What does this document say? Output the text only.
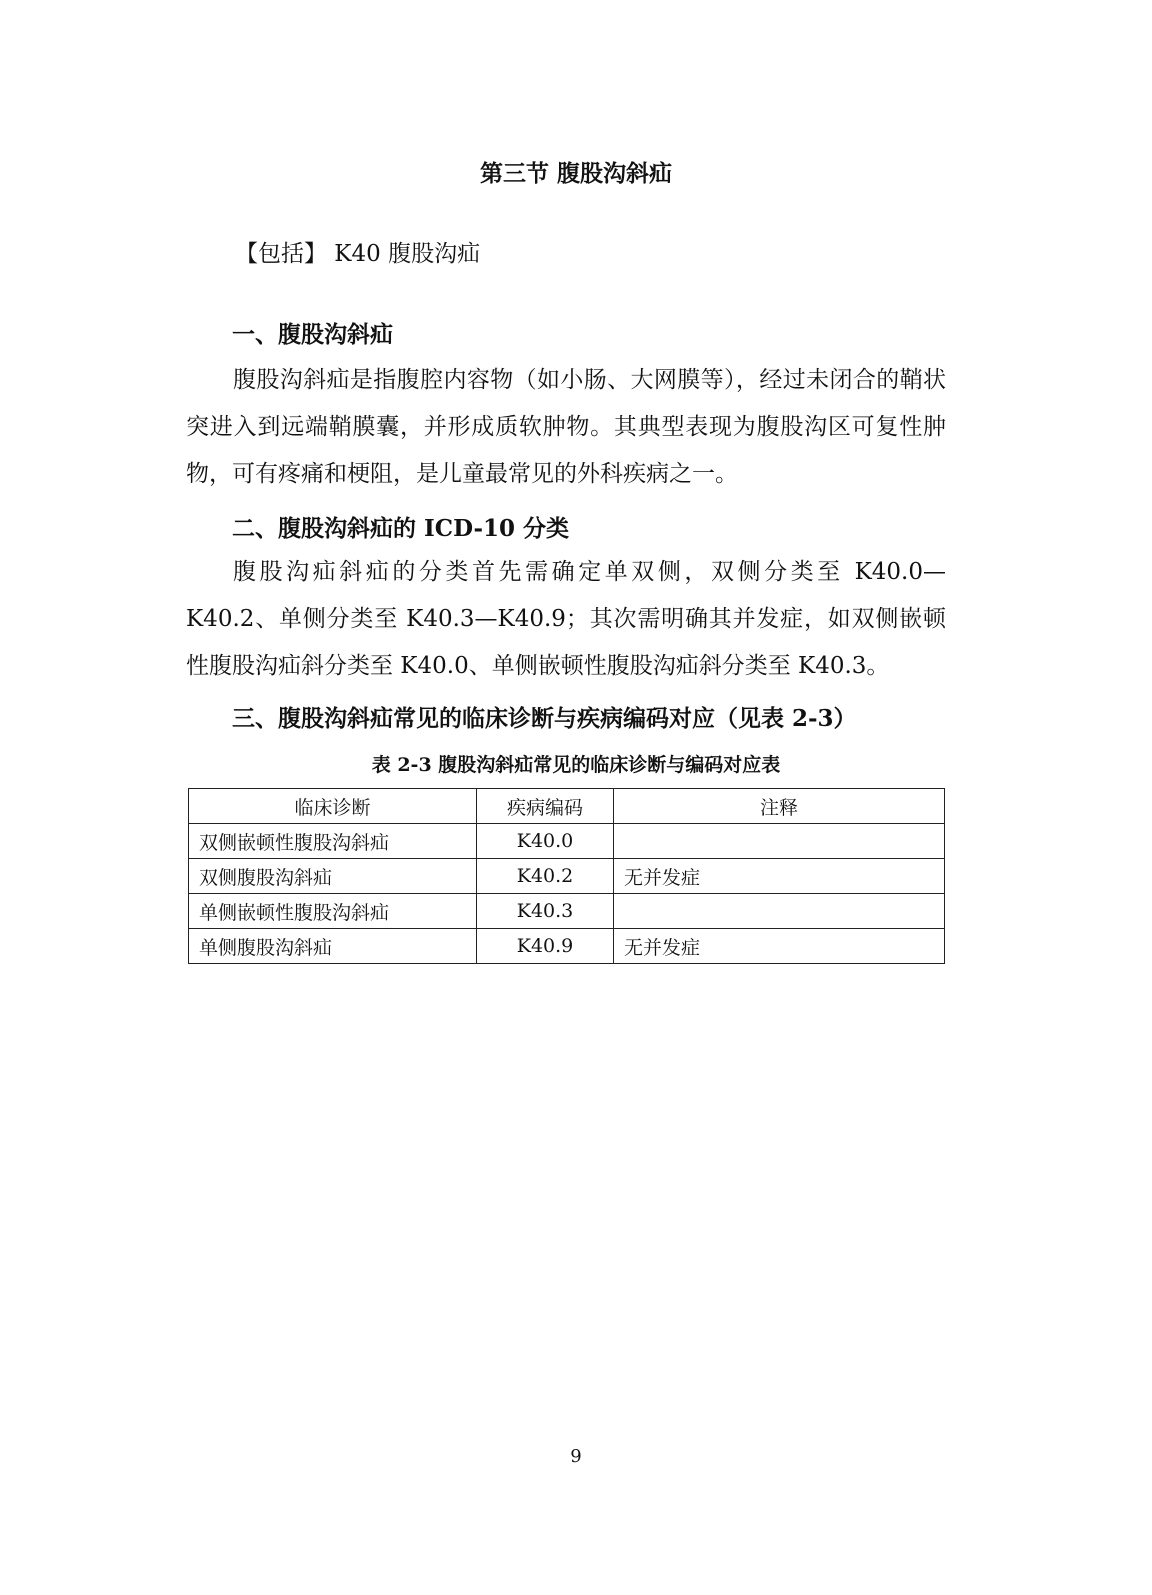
第三节 腹股沟斜疝
【包括】 K40 腹股沟疝
一、腹股沟斜疝

腹股沟斜疝是指腹腔内容物（如小肠、大网膜等），经过未闭合的鞘状突进入到远端鞘膜囊，并形成质软肿物。其典型表现为腹股沟区可复性肿物，可有疼痛和梗阻，是儿童最常见的外科疾病之一。

二、腹股沟斜疝的 ICD-10 分类

腹股沟疝斜疝的分类首先需确定单双侧，双侧分类至 K40.0—K40.2、单侧分类至 K40.3—K40.9；其次需明确其并发症，如双侧嵌顿性腹股沟疝斜分类至 K40.0、单侧嵌顿性腹股沟疝斜分类至 K40.3。

三、腹股沟斜疝常见的临床诊断与疾病编码对应（见表 2-3）
表 2-3 腹股沟斜疝常见的临床诊断与编码对应表
临床诊断	疾病编码	注释
双侧嵌顿性腹股沟斜疝	K40.0	
双侧腹股沟斜疝	K40.2	无并发症
单侧嵌顿性腹股沟斜疝	K40.3	
单侧腹股沟斜疝	K40.9	无并发症
9
